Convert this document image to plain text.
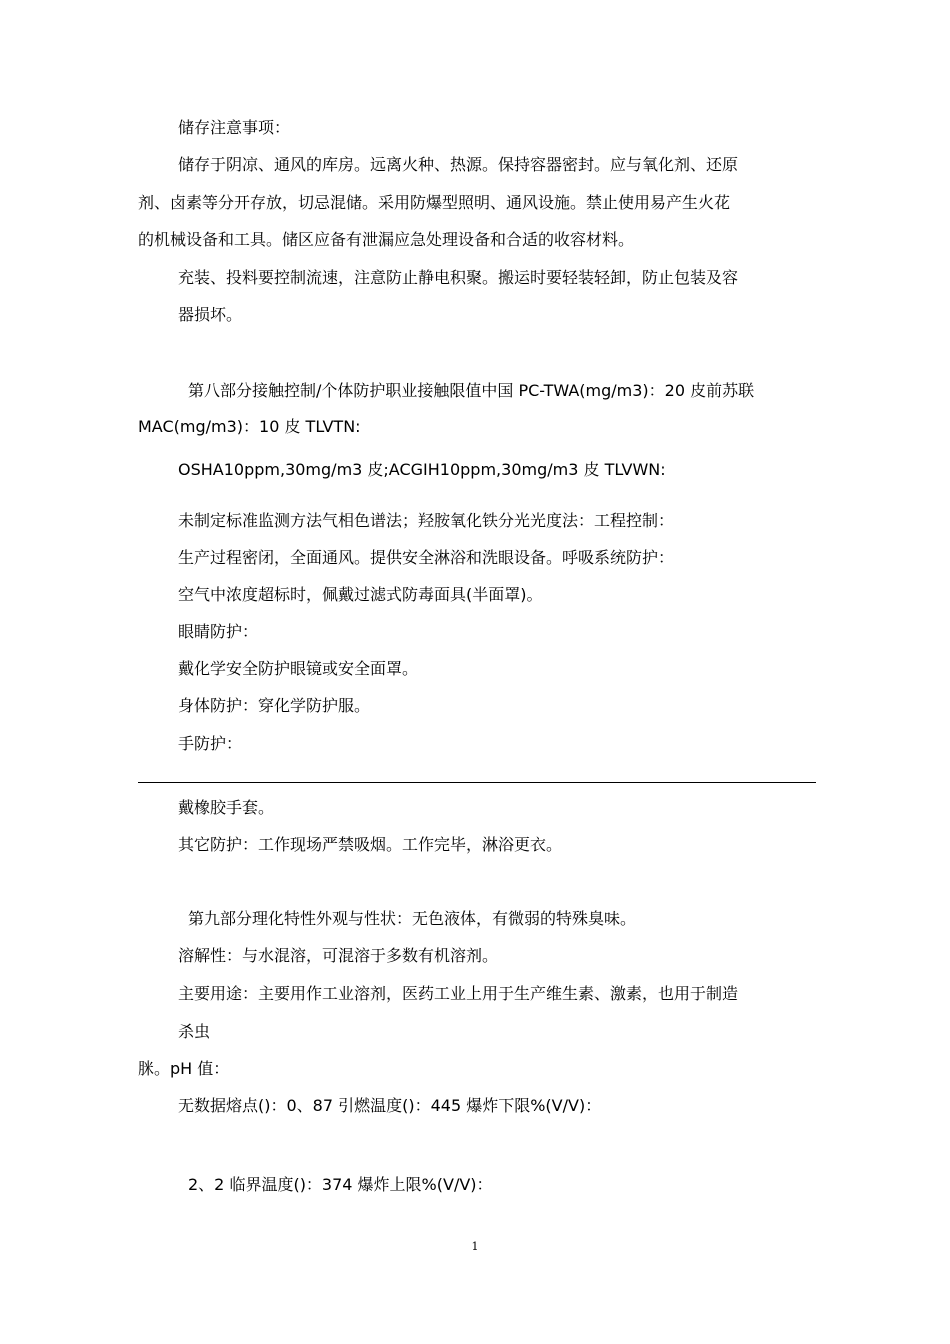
储存注意事项：
储存于阴凉、通风的库房。远离火种、热源。保持容器密封。应与氧化剂、还原
剂、卤素等分开存放，切忌混储。采用防爆型照明、通风设施。禁止使用易产生火花
的机械设备和工具。储区应备有泄漏应急处理设备和合适的收容材料。
充装、投料要控制流速，注意防止静电积聚。搬运时要轻装轻卸，防止包装及容
器损坏。
第八部分接触控制/个体防护职业接触限值中国 PC-TWA(mg/m3)：20 皮前苏联
MAC(mg/m3)：10 皮 TLVTN:
OSHA10ppm,30mg/m3 皮;ACGIH10ppm,30mg/m3 皮 TLVWN:
未制定标准监测方法气相色谱法；羟胺氧化铁分光光度法：工程控制：
生产过程密闭，全面通风。提供安全淋浴和洗眼设备。呼吸系统防护：
空气中浓度超标时，佩戴过滤式防毒面具(半面罩)。
眼睛防护：
戴化学安全防护眼镜或安全面罩。
身体防护：穿化学防护服。
手防护：
戴橡胶手套。
其它防护：工作现场严禁吸烟。工作完毕，淋浴更衣。
第九部分理化特性外观与性状：无色液体，有微弱的特殊臭味。
溶解性：与水混溶，可混溶于多数有机溶剂。
主要用途：主要用作工业溶剂，医药工业上用于生产维生素、激素，也用于制造
杀虫
脒。pH 值：
无数据熔点()：0、87 引燃温度()：445 爆炸下限%(V/V)：
2、2 临界温度()：374 爆炸上限%(V/V)：
1
